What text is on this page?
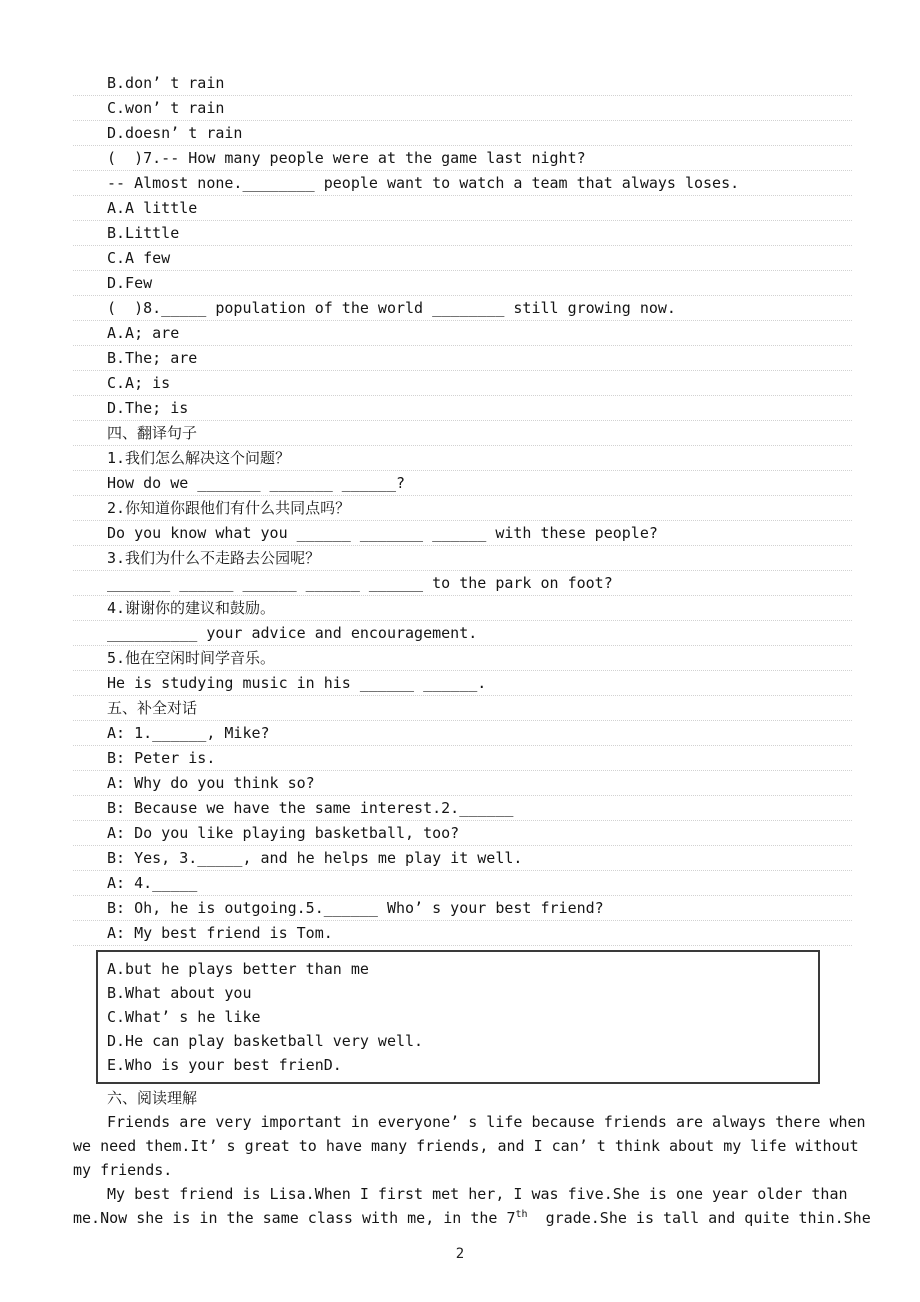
B.don’ t rain
C.won’ t rain
D.doesn’ t rain
(  )7.-- How many people were at the game last night?
-- Almost none.________ people want to watch a team that always loses.
A.A little
B.Little
C.A few
D.Few
(  )8._____ population of the world ________ still growing now.
A.A; are
B.The; are
C.A; is
D.The; is
四、翻译句子
1.我们怎么解决这个问题？
How do we _______ _______ ______?
2.你知道你跟他们有什么共同点吗？
Do you know what you ______ _______ ______ with these people?
3.我们为什么不走路去公园呢？
_______ ______ ______ ______ ______ to the park on foot?
4.谢谢你的建议和鼓励。
__________ your advice and encouragement.
5.他在空闲时间学音乐。
He is studying music in his ______ ______.
五、补全对话
A: 1.______, Mike?
B: Peter is.
A: Why do you think so?
B: Because we have the same interest.2.______
A: Do you like playing basketball, too?
B: Yes, 3._____, and he helps me play it well.
A: 4._____
B: Oh, he is outgoing.5.______ Who’ s your best friend?
A: My best friend is Tom.
A.but he plays better than me
B.What about you
C.What’ s he like
D.He can play basketball very well.
E.Who is your best frienD.
六、阅读理解
Friends are very important in everyone’ s life because friends are always there when
we need them.It’ s great to have many friends, and I can’ t think about my life without
my friends.
My best friend is Lisa.When I first met her, I was five.She is one year older than
me.Now she is in the same class with me, in the 7th  grade.She is tall and quite thin.She
2
